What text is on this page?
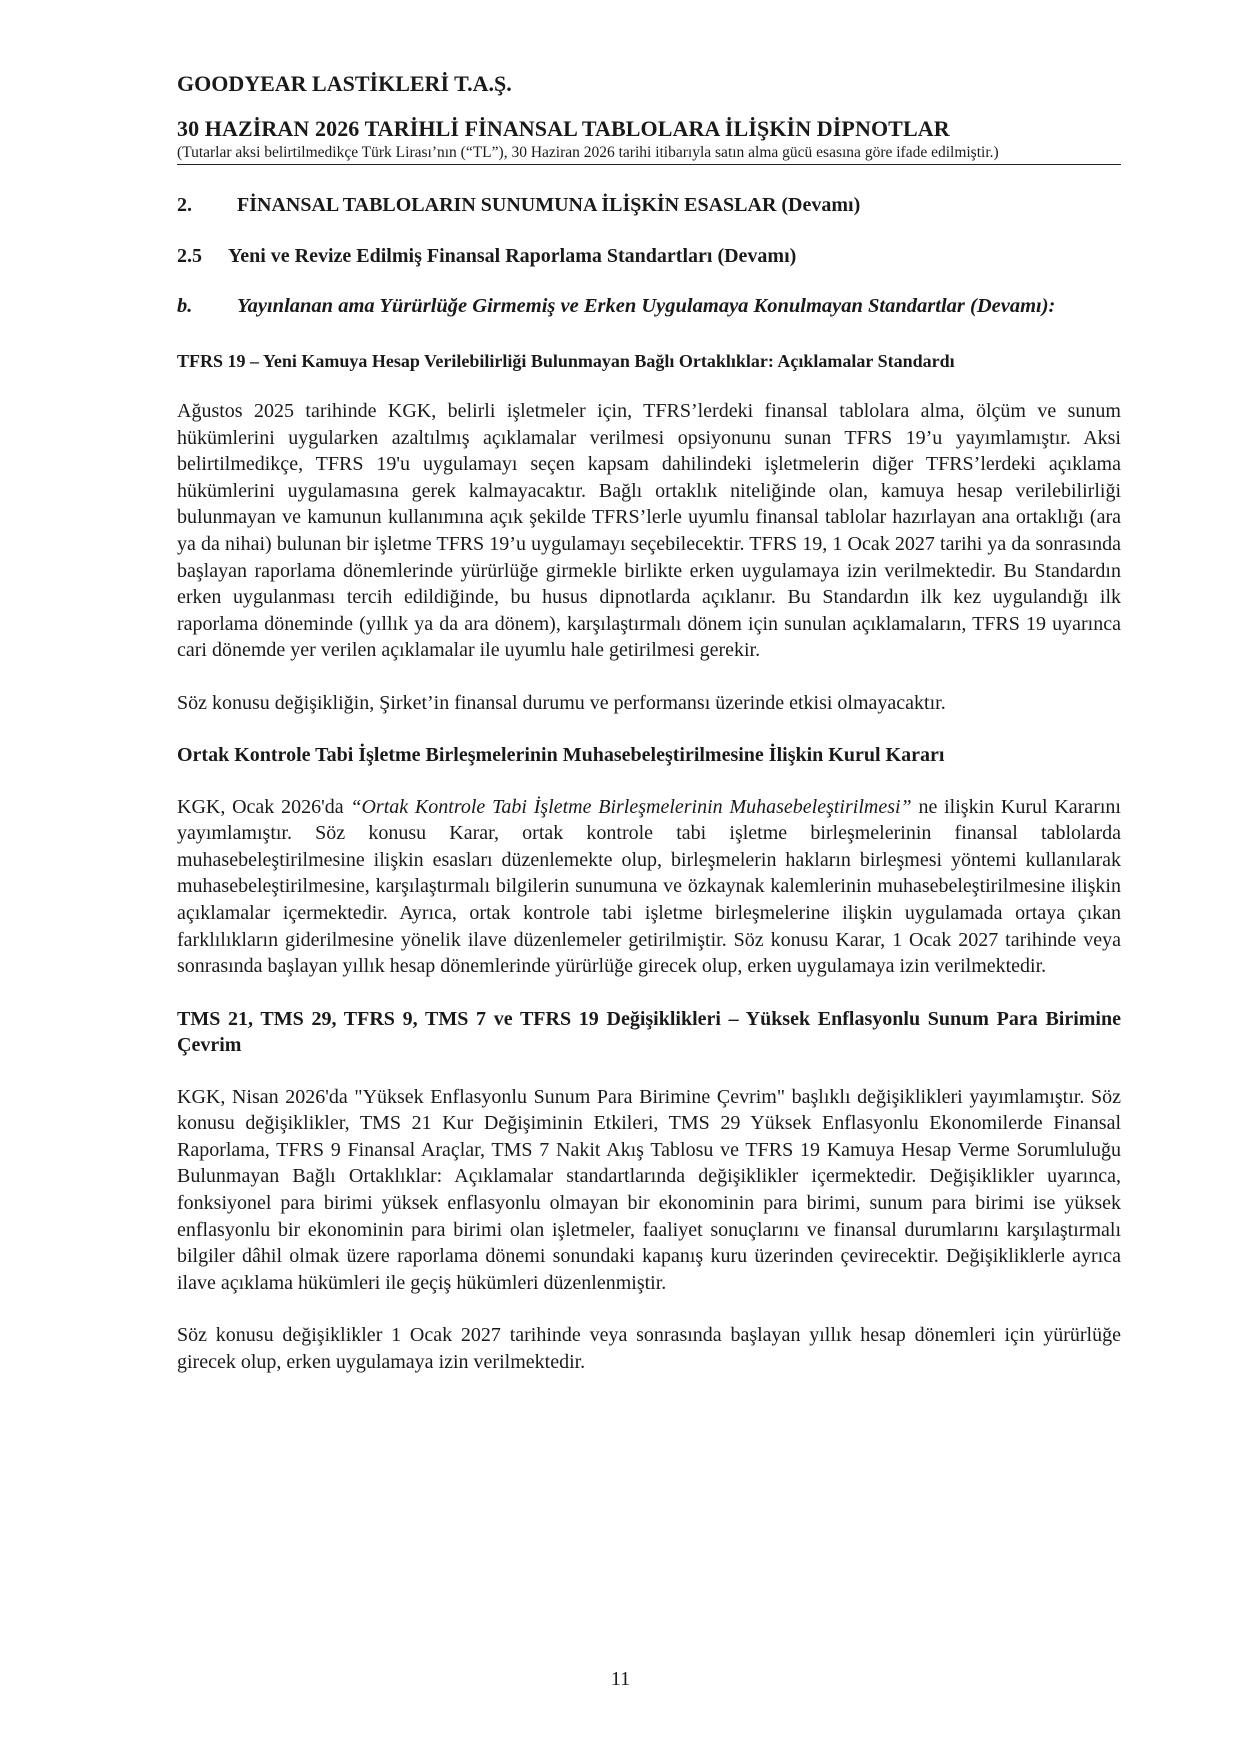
GOODYEAR LASTİKLERİ T.A.Ş.

30 HAZİRAN 2026 TARİHLİ FİNANSAL TABLOLARA İLİŞKİN DİPNOTLAR

(Tutarlar aksi belirtilmedikçe Türk Lirası’nın (“TL”), 30 Haziran 2026 tarihi itibarıyla satın alma gücü esasına göre ifade edilmiştir.)

2. FİNANSAL TABLOLARIN SUNUMUNA İLİŞKİN ESASLAR (Devamı)

2.5 Yeni ve Revize Edilmiş Finansal Raporlama Standartları (Devamı)

b. Yayınlanan ama Yürürlüğe Girmemiş ve Erken Uygulamaya Konulmayan Standartlar (Devamı):

TFRS 19 – Yeni Kamuya Hesap Verilebilirliği Bulunmayan Bağlı Ortaklıklar: Açıklamalar Standardı

Ağustos 2025 tarihinde KGK, belirli işletmeler için, TFRS’lerdeki finansal tablolara alma, ölçüm ve sunum hükümlerini uygularken azaltılmış açıklamalar verilmesi opsiyonunu sunan TFRS 19’u yayımlamıştır. Aksi belirtilmedikçe, TFRS 19'u uygulamayı seçen kapsam dahilindeki işletmelerin diğer TFRS’lerdeki açıklama hükümlerini uygulamasına gerek kalmayacaktır. Bağlı ortaklık niteliğinde olan, kamuya hesap verilebilirliği bulunmayan ve kamunun kullanımına açık şekilde TFRS’lerle uyumlu finansal tablolar hazırlayan ana ortaklığı (ara ya da nihai) bulunan bir işletme TFRS 19’u uygulamayı seçebilecektir. TFRS 19, 1 Ocak 2027 tarihi ya da sonrasında başlayan raporlama dönemlerinde yürürlüğe girmekle birlikte erken uygulamaya izin verilmektedir. Bu Standardın erken uygulanması tercih edildiğinde, bu husus dipnotlarda açıklanır. Bu Standardın ilk kez uygulandığı ilk raporlama döneminde (yıllık ya da ara dönem), karşılaştırmalı dönem için sunulan açıklamaların, TFRS 19 uyarınca cari dönemde yer verilen açıklamalar ile uyumlu hale getirilmesi gerekir.

Söz konusu değişikliğin, Şirket’in finansal durumu ve performansı üzerinde etkisi olmayacaktır.

Ortak Kontrole Tabi İşletme Birleşmelerinin Muhasebeleştirilmesine İlişkin Kurul Kararı

KGK, Ocak 2026'da “Ortak Kontrole Tabi İşletme Birleşmelerinin Muhasebeleştirilmesi” ne ilişkin Kurul Kararını yayımlamıştır. Söz konusu Karar, ortak kontrole tabi işletme birleşmelerinin finansal tablolarda muhasebeleştirilmesine ilişkin esasları düzenlemekte olup, birleşmelerin hakların birleşmesi yöntemi kullanılarak muhasebeleştirilmesine, karşılaştırmalı bilgilerin sunumuna ve özkaynak kalemlerinin muhasebeleştirilmesine ilişkin açıklamalar içermektedir. Ayrıca, ortak kontrole tabi işletme birleşmelerine ilişkin uygulamada ortaya çıkan farklılıkların giderilmesine yönelik ilave düzenlemeler getirilmiştir. Söz konusu Karar, 1 Ocak 2027 tarihinde veya sonrasında başlayan yıllık hesap dönemlerinde yürürlüğe girecek olup, erken uygulamaya izin verilmektedir.

TMS 21, TMS 29, TFRS 9, TMS 7 ve TFRS 19 Değişiklikleri – Yüksek Enflasyonlu Sunum Para Birimine Çevrim

KGK, Nisan 2026'da "Yüksek Enflasyonlu Sunum Para Birimine Çevrim" başlıklı değişiklikleri yayımlamıştır. Söz konusu değişiklikler, TMS 21 Kur Değişiminin Etkileri, TMS 29 Yüksek Enflasyonlu Ekonomilerde Finansal Raporlama, TFRS 9 Finansal Araçlar, TMS 7 Nakit Akış Tablosu ve TFRS 19 Kamuya Hesap Verme Sorumluluğu Bulunmayan Bağlı Ortaklıklar: Açıklamalar standartlarında değişiklikler içermektedir. Değişiklikler uyarınca, fonksiyonel para birimi yüksek enflasyonlu olmayan bir ekonominin para birimi, sunum para birimi ise yüksek enflasyonlu bir ekonominin para birimi olan işletmeler, faaliyet sonuçlarını ve finansal durumlarını karşılaştırmalı bilgiler dâhil olmak üzere raporlama dönemi sonundaki kapanış kuru üzerinden çevirecektir. Değişikliklerle ayrıca ilave açıklama hükümleri ile geçiş hükümleri düzenlenmiştir.

Söz konusu değişiklikler 1 Ocak 2027 tarihinde veya sonrasında başlayan yıllık hesap dönemleri için yürürlüğe girecek olup, erken uygulamaya izin verilmektedir.

11
